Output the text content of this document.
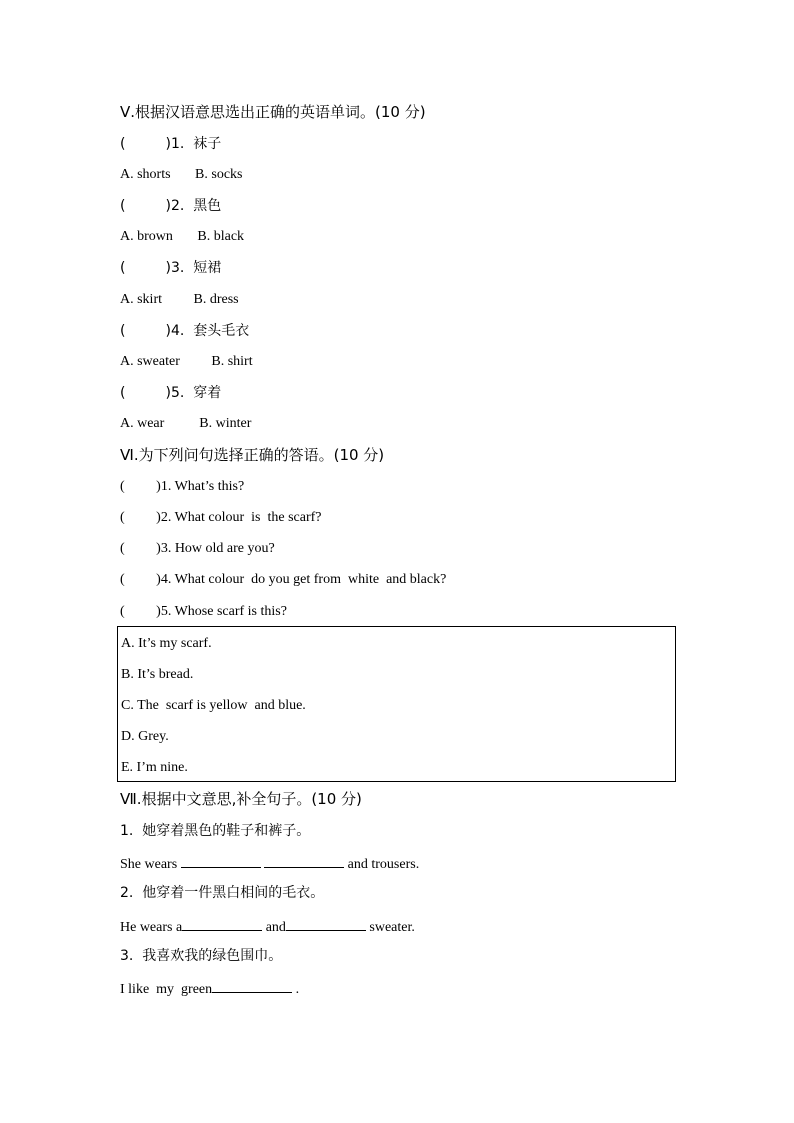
Ⅴ.根据汉语意思选出正确的英语单词。(10 分)
(         )1.  袜子
A. shorts       B. socks
(         )2.  黑色
A. brown       B. black
(         )3.  短裙
A. skirt         B. dress
(         )4.  套头毛衣
A. sweater         B. shirt
(         )5.  穿着
A. wear          B. winter
Ⅵ.为下列问句选择正确的答语。(10 分)
(         )1. What’s this?
(         )2. What colour  is  the scarf?
(         )3. How old are you?
(         )4. What colour  do you get from  white  and black?
(         )5. Whose scarf is this?
A. It’s my scarf.
B. It’s bread.
C. The  scarf is yellow  and blue.
D. Grey.
E. I’m nine.
Ⅶ.根据中文意思,补全句子。(10 分)
1.  她穿着黑色的鞋子和裤子。
She wears	and trousers.
2.  他穿着一件黑白相间的毛衣。
He wears a	and	sweater.
3.  我喜欢我的绿色围巾。
I like  my  green	.
